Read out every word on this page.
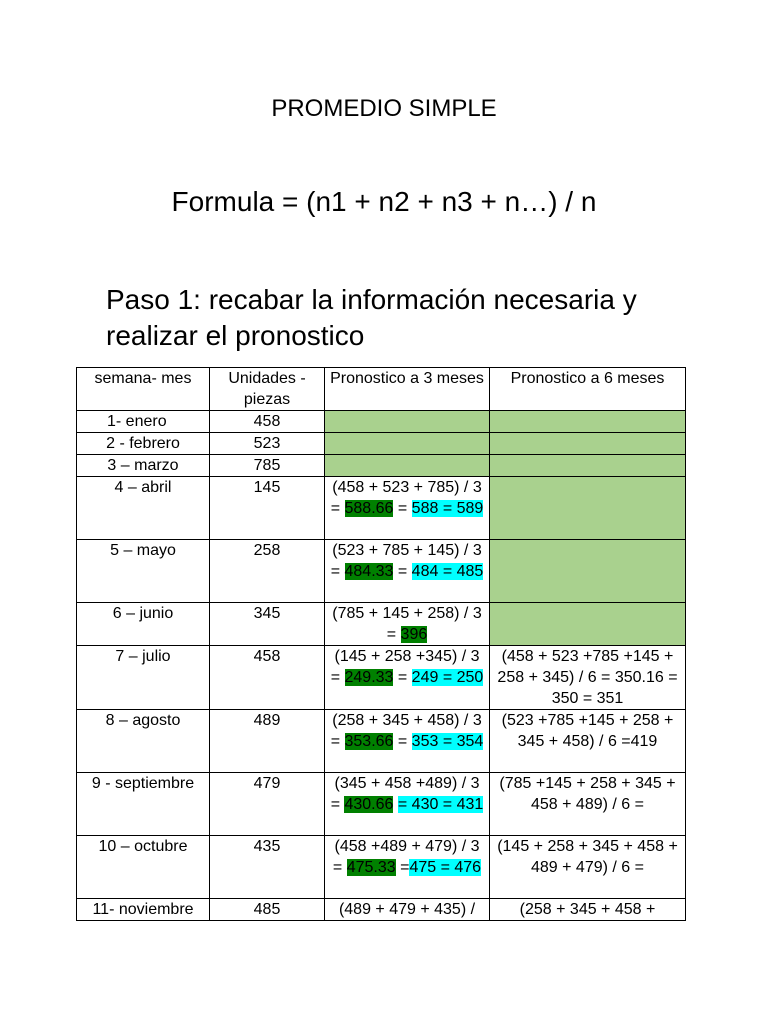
PROMEDIO SIMPLE
Formula = (n1 + n2 + n3 + n…) / n
Paso 1: recabar la información necesaria y realizar el pronostico
semana- mes	Unidades - piezas	Pronostico a 3 meses	Pronostico a 6 meses
1- enero	458		
2 - febrero	523		
3 – marzo	785		
4 – abril	145	(458 + 523 + 785) / 3 = 588.66 = 588 = 589	
5 – mayo	258	(523 + 785 + 145) / 3 = 484.33 = 484 = 485	
6 – junio	345	(785 + 145 + 258) / 3 = 396	
7 – julio	458	(145 + 258 +345) / 3 = 249.33 = 249 = 250	(458 + 523 +785 +145 + 258 + 345) / 6 = 350.16 = 350 = 351
8 – agosto	489	(258 + 345 + 458) / 3 = 353.66 = 353 = 354	(523 +785 +145 + 258 + 345 + 458) / 6 =419
9 - septiembre	479	(345 + 458 +489) / 3 = 430.66 = 430 = 431	(785 +145 + 258 + 345 + 458 + 489) / 6 =
10 – octubre	435	(458 +489 + 479) / 3 = 475.33 =475 = 476	(145 + 258 + 345 + 458 + 489 + 479) / 6 =
11- noviembre	485	(489 + 479 + 435) /	(258 + 345 + 458 +
